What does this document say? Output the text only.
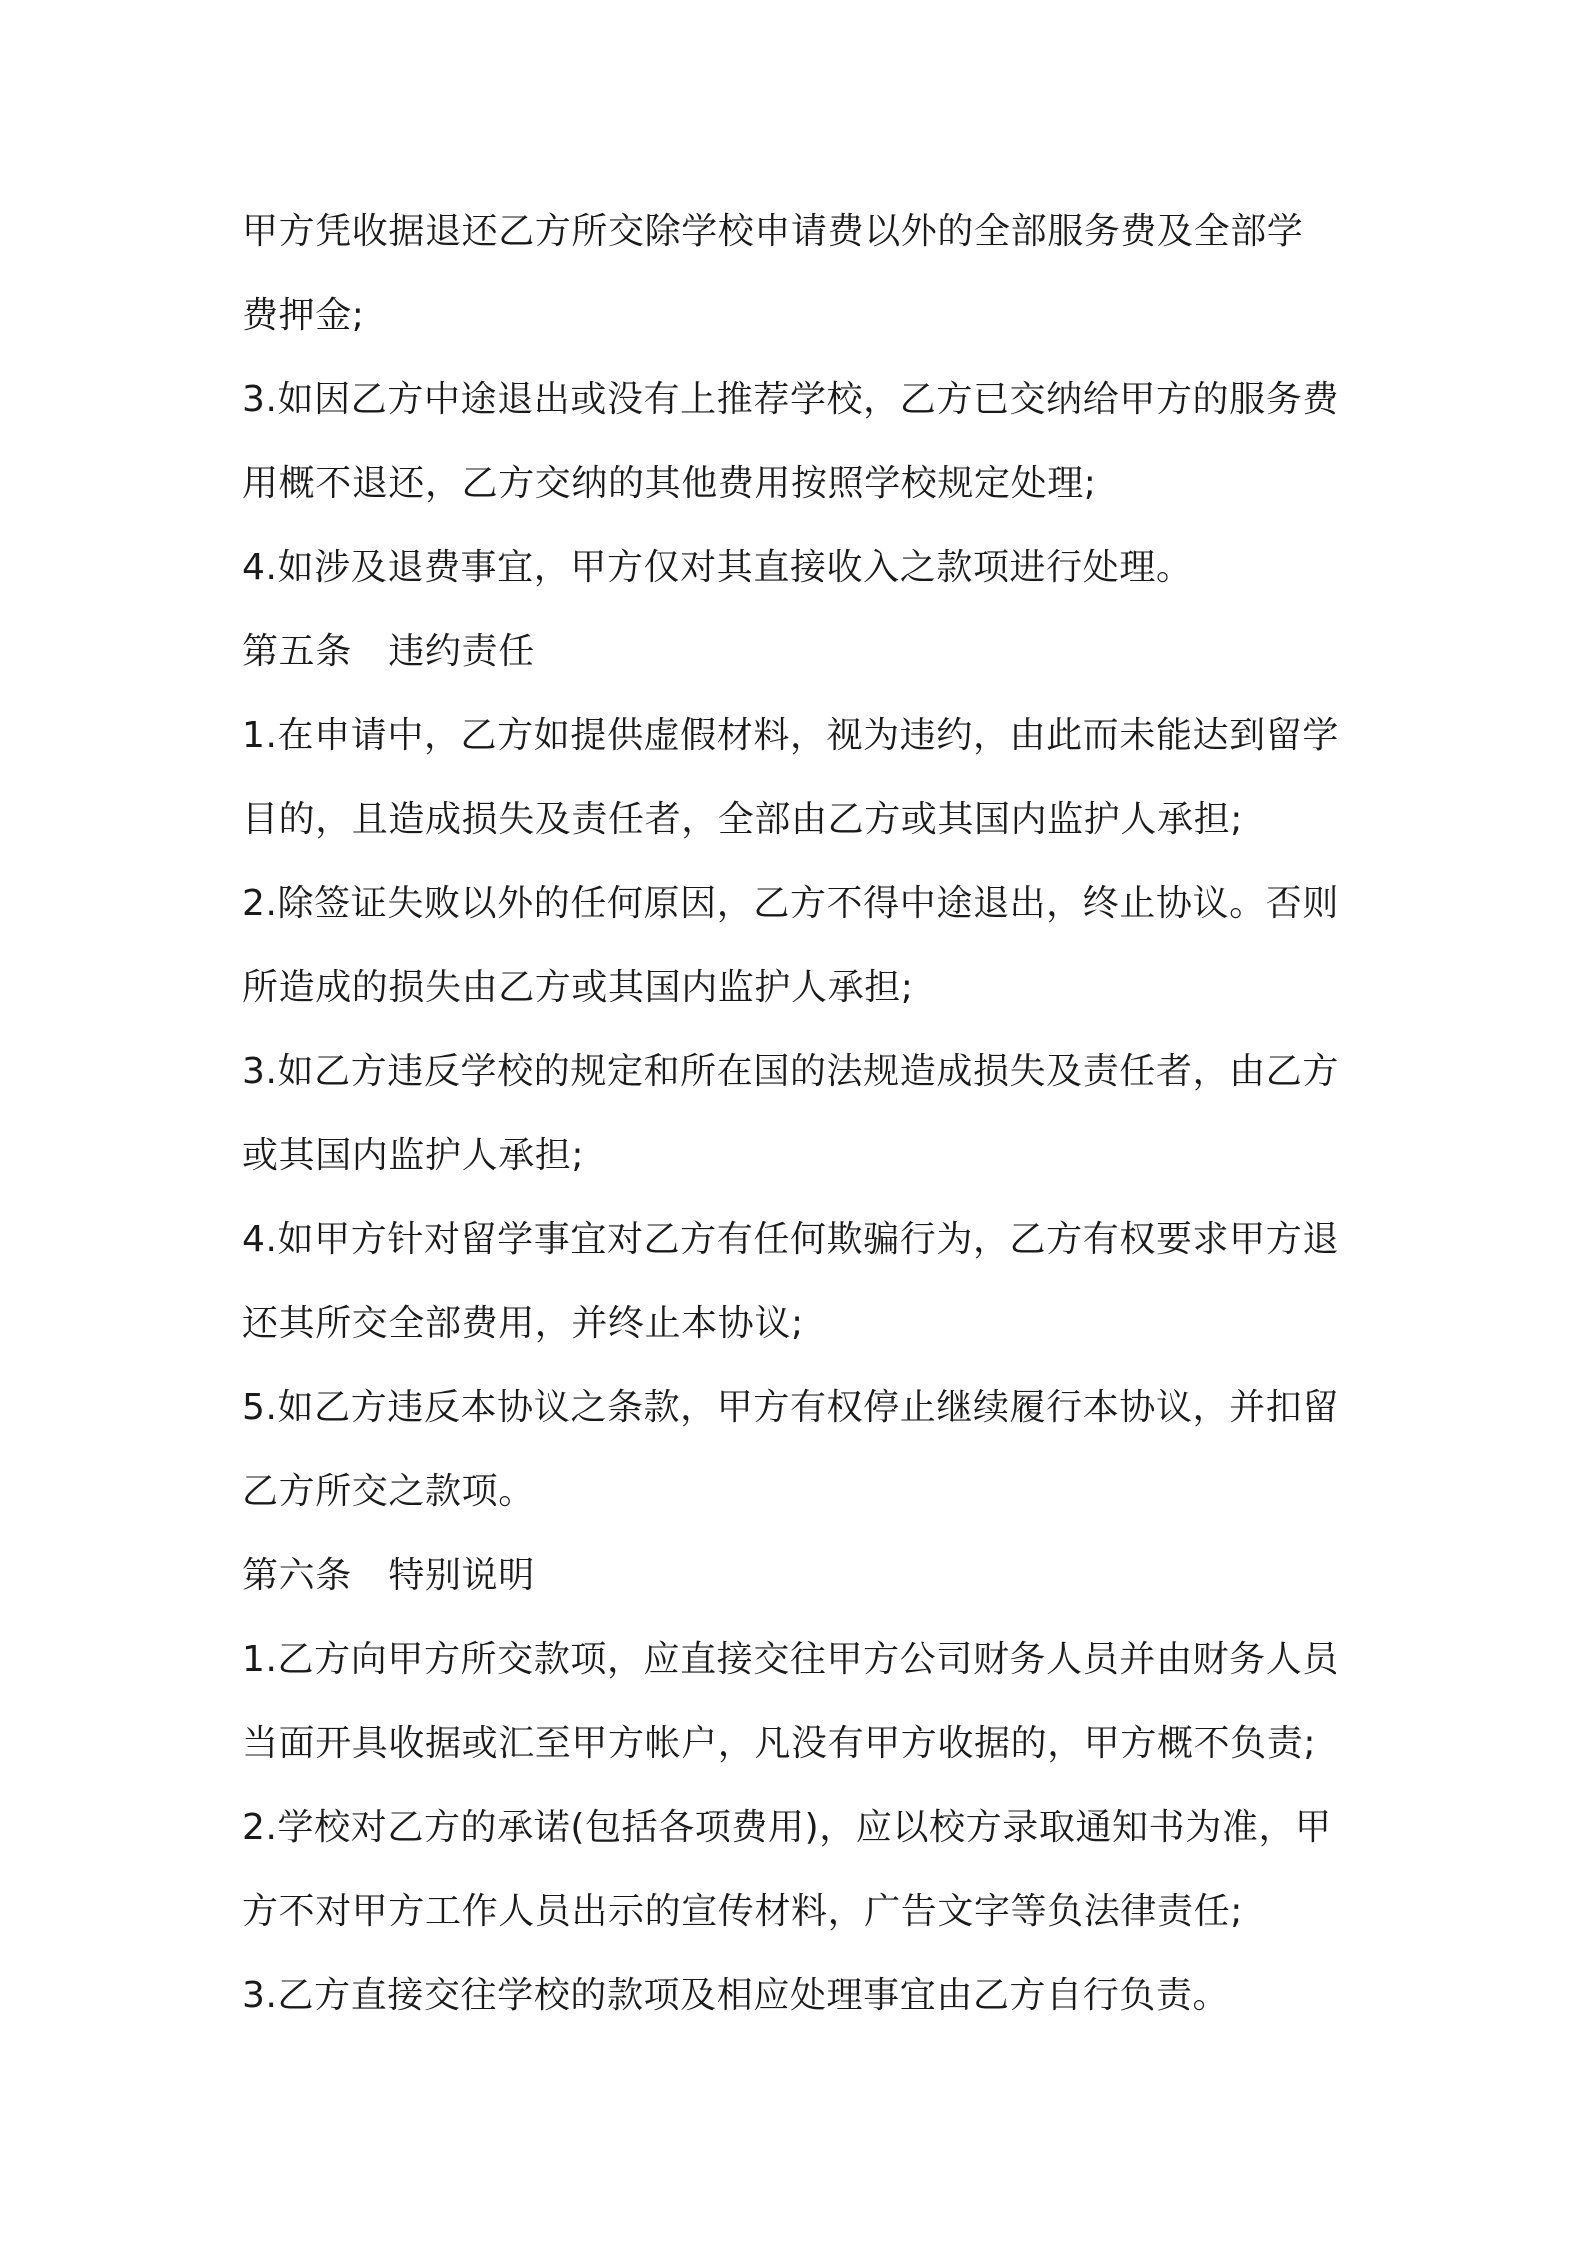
甲方凭收据退还乙方所交除学校申请费以外的全部服务费及全部学

费押金;

3.如因乙方中途退出或没有上推荐学校，乙方已交纳给甲方的服务费

用概不退还，乙方交纳的其他费用按照学校规定处理;

4.如涉及退费事宜，甲方仅对其直接收入之款项进行处理。

第五条　违约责任

1.在申请中，乙方如提供虚假材料，视为违约，由此而未能达到留学

目的，且造成损失及责任者，全部由乙方或其国内监护人承担;

2.除签证失败以外的任何原因，乙方不得中途退出，终止协议。否则

所造成的损失由乙方或其国内监护人承担;

3.如乙方违反学校的规定和所在国的法规造成损失及责任者，由乙方

或其国内监护人承担;

4.如甲方针对留学事宜对乙方有任何欺骗行为，乙方有权要求甲方退

还其所交全部费用，并终止本协议;

5.如乙方违反本协议之条款，甲方有权停止继续履行本协议，并扣留

乙方所交之款项。

第六条　特别说明

1.乙方向甲方所交款项，应直接交往甲方公司财务人员并由财务人员

当面开具收据或汇至甲方帐户，凡没有甲方收据的，甲方概不负责;

2.学校对乙方的承诺(包括各项费用)，应以校方录取通知书为准，甲

方不对甲方工作人员出示的宣传材料，广告文字等负法律责任;

3.乙方直接交往学校的款项及相应处理事宜由乙方自行负责。
